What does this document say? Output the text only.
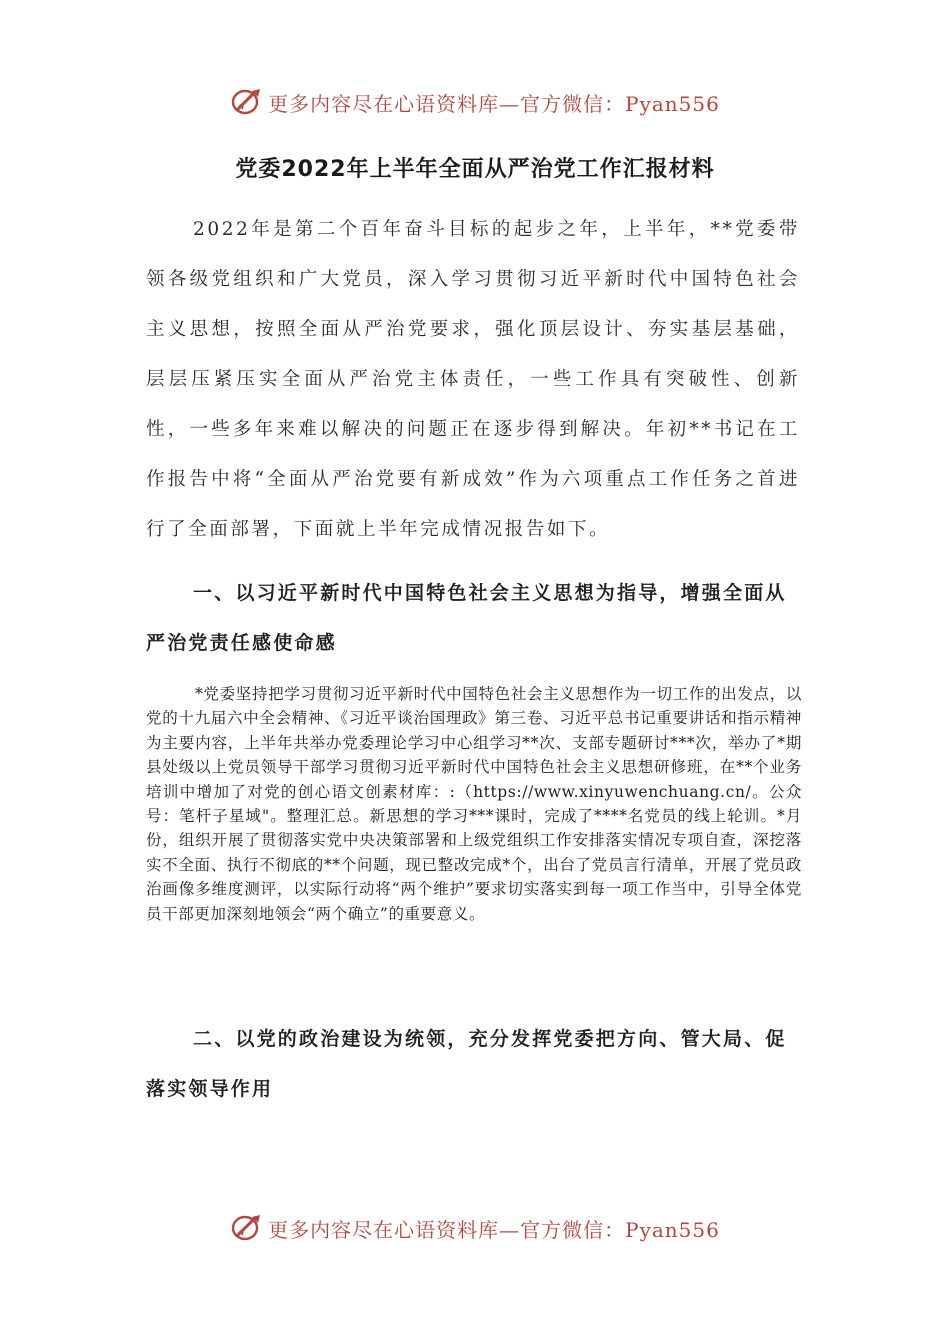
更多内容尽在心语资料库—官方微信：Pyan556
党委2022年上半年全面从严治党工作汇报材料

2022年是第二个百年奋斗目标的起步之年，上半年，**党委带领各级党组织和广大党员，深入学习贯彻习近平新时代中国特色社会主义思想，按照全面从严治党要求，强化顶层设计、夯实基层基础，层层压紧压实全面从严治党主体责任，一些工作具有突破性、创新性，一些多年来难以解决的问题正在逐步得到解决。年初**书记在工作报告中将“全面从严治党要有新成效”作为六项重点工作任务之首进行了全面部署，下面就上半年完成情况报告如下。

一、以习近平新时代中国特色社会主义思想为指导，增强全面从严治党责任感使命感

*党委坚持把学习贯彻习近平新时代中国特色社会主义思想作为一切工作的出发点，以党的十九届六中全会精神、《习近平谈治国理政》第三卷、习近平总书记重要讲话和指示精神为主要内容，上半年共举办党委理论学习中心组学习**次、支部专题研讨***次，举办了*期县处级以上党员领导干部学习贯彻习近平新时代中国特色社会主义思想研修班，在**个业务培训中增加了对党的创心语文创素材库：:（https://www.xinyuwenchuang.cn/。公众号：笔杆子星域"。整理汇总。新思想的学习***课时，完成了****名党员的线上轮训。*月份，组织开展了贯彻落实党中央决策部署和上级党组织工作安排落实情况专项自查，深挖落实不全面、执行不彻底的**个问题，现已整改完成*个，出台了党员言行清单，开展了党员政治画像多维度测评，以实际行动将“两个维护”要求切实落实到每一项工作当中，引导全体党员干部更加深刻地领会“两个确立”的重要意义。

二、以党的政治建设为统领，充分发挥党委把方向、管大局、促落实领导作用

更多内容尽在心语资料库—官方微信：Pyan556
